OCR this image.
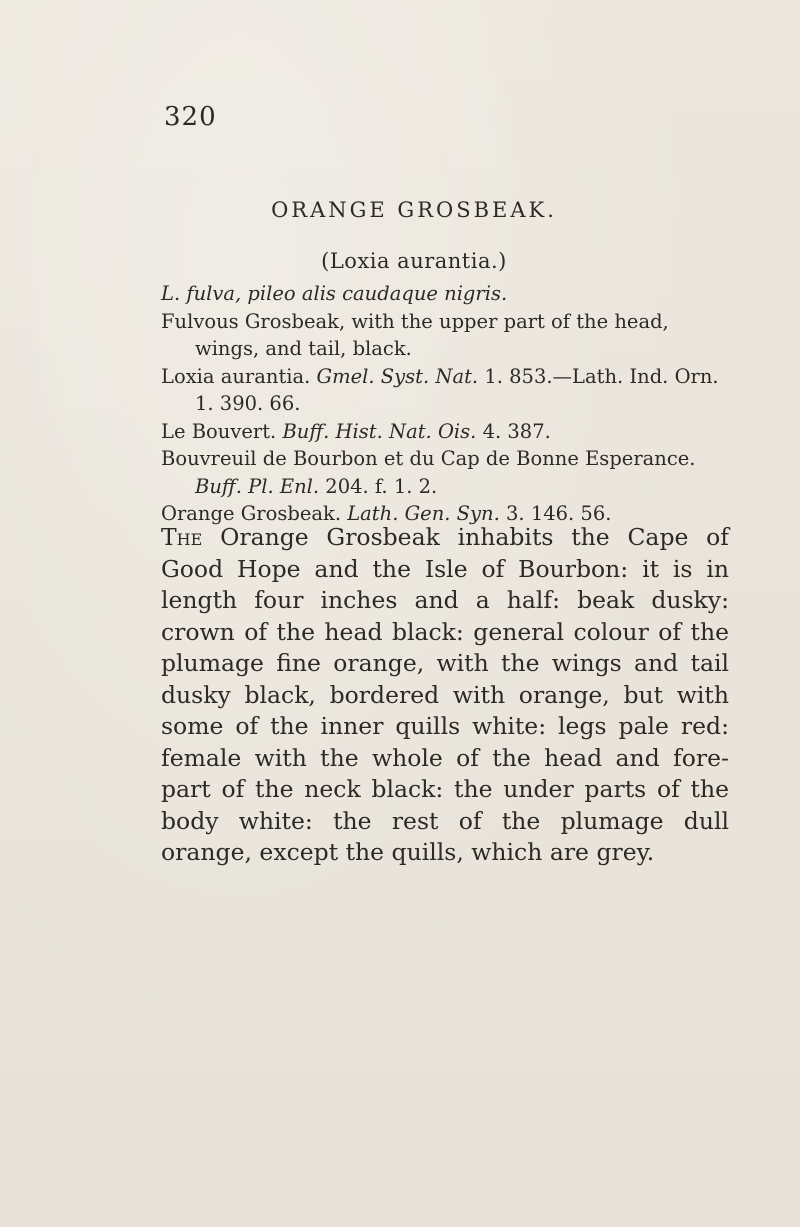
320
ORANGE GROSBEAK.
(Loxia aurantia.)

L. fulva, pileo alis caudaque nigris.

Fulvous Grosbeak, with the upper part of the head, wings, and tail, black.

Loxia aurantia. Gmel. Syst. Nat. 1. 853.—Lath. Ind. Orn. 1. 390. 66.

Le Bouvert. Buff. Hist. Nat. Ois. 4. 387.

Bouvreuil de Bourbon et du Cap de Bonne Esperance. Buff. Pl. Enl. 204. f. 1. 2.

Orange Grosbeak. Lath. Gen. Syn. 3. 146. 56.

The Orange Grosbeak inhabits the Cape of Good Hope and the Isle of Bourbon: it is in length four inches and a half: beak dusky: crown of the head black: general colour of the plumage fine orange, with the wings and tail dusky black, bordered with orange, but with some of the inner quills white: legs pale red: female with the whole of the head and fore-part of the neck black: the under parts of the body white: the rest of the plumage dull orange, except the quills, which are grey.
